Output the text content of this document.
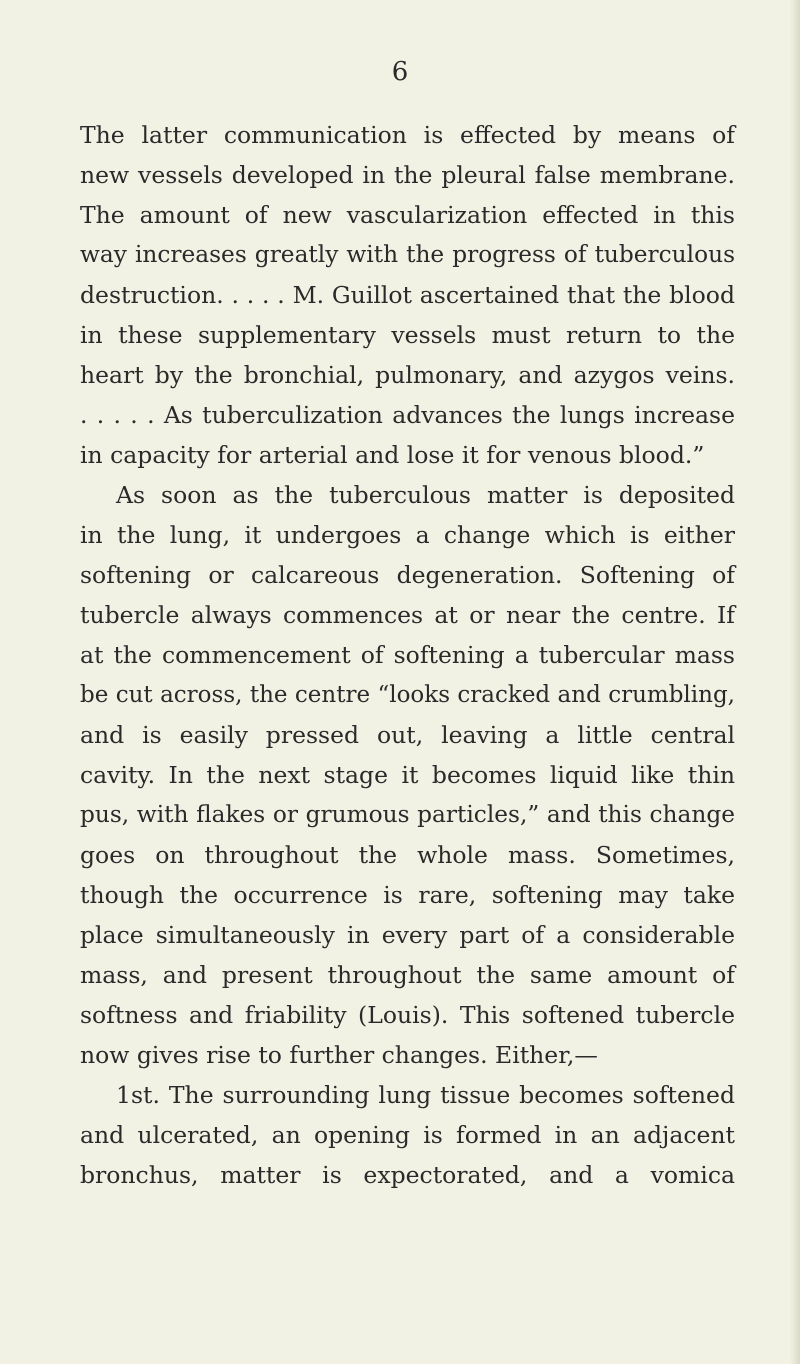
6
The latter communication is effected by means of
new vessels developed in the pleural false membrane.
The amount of new vascularization effected in this
way increases greatly with the progress of tuberculous
destruction. . . . . M. Guillot ascertained that the blood
in these supplementary vessels must return to the
heart by the bronchial, pulmonary, and azygos veins.
. . . . . As tuberculization advances the lungs increase
in capacity for arterial and lose it for venous blood.”
As soon as the tuberculous matter is deposited
in the lung, it undergoes a change which is either
softening or calcareous degeneration. Softening of
tubercle always commences at or near the centre. If
at the commencement of softening a tubercular mass
be cut across, the centre “looks cracked and crumbling,
and is easily pressed out, leaving a little central
cavity. In the next stage it becomes liquid like thin
pus, with flakes or grumous particles,” and this change
goes on throughout the whole mass. Sometimes,
though the occurrence is rare, softening may take
place simultaneously in every part of a considerable
mass, and present throughout the same amount of
softness and friability (Louis). This softened tubercle
now gives rise to further changes. Either,—
1st. The surrounding lung tissue becomes softened
and ulcerated, an opening is formed in an adjacent
bronchus, matter is expectorated, and a vomica
